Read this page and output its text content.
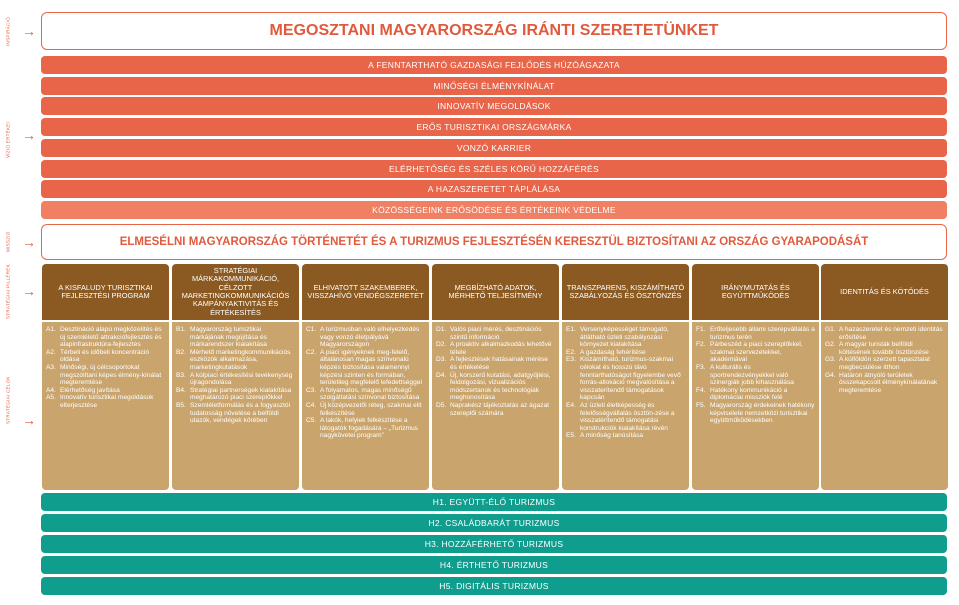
INSPIRÁCIÓ
VÍZIÓ ÉRTÉKEI
MISSZIÓ
STRATÉGIAI PILLÉREK
STRATÉGIAI CÉLOK
→
→
→
→
→
MEGOSZTANI MAGYARORSZÁG IRÁNTI SZERETETÜNKET
A FENNTARTHATÓ GAZDASÁGI FEJLŐDÉS HÚZÓÁGAZATA
MINŐSÉGI ÉLMÉNYKÍNÁLAT
INNOVATÍV MEGOLDÁSOK
ERŐS TURISZTIKAI ORSZÁGMÁRKA
VONZÓ KARRIER
ELÉRHETŐSÉG ÉS SZÉLES KÖRŰ HOZZÁFÉRÉS
A HAZASZERETET TÁPLÁLÁSA
KÖZÖSSÉGEINK ERŐSÖDÉSE ÉS ÉRTÉKEINK VÉDELME
ELMESÉLNI MAGYARORSZÁG TÖRTÉNETÉT ÉS A TURIZMUS FEJLESZTÉSÉN KERESZTÜL BIZTOSÍTANI AZ ORSZÁG GYARAPODÁSÁT
A KISFALUDY TURISZTIKAI FEJLESZTÉSI PROGRAM
A1. Desztináció alapú megközelítés és új szemléletű attrakciófejlesztés és alapinfrastruktúra-fejlesztés
A2. Térbeli és időbeli koncentráció oldása
A3. Minőségi, új célcsoportokat megszólítani képes élmény-kínálat megteremtése
A4. Elérhetőség javítása
A5. Innovatív turisztikai megoldások elterjesztése
STRATÉGIAI MÁRKAKOMMUNIKÁCIÓ, CÉLZOTT MARKETINGKOMMUNIKÁCIÓS KAMPÁNYAKTIVITÁS ÉS ÉRTÉKESÍTÉS
B1. Magyarország turisztikai márkájának megújítása és márkarendszer kialakítása
B2. Mérhető marketingkommunikációs eszközök alkalmazása, marketingkutatások
B3. A külpiaci értékesítési tevékenység újragondolása
B4. Stratégiai partnerségek kialakítása meghatározó piaci szereplőkkel
B5. Szemléletformálás és a fogyasztói tudatosság növelése a belföldi utazók, vendégek körében
ELHIVATOTT SZAKEMBEREK, VISSZAHÍVÓ VENDÉGSZERETET
C1. A turizmusban való elhelyezkedés vagy vonzó életpályává Magyarországon
C2. A piaci igényeknek meg-felelő, általánosan magas színvonalú képzés biztosítása valamennyi képzési szinten és formában, területileg megfelelő lefedettséggel
C3. A folyamatos, magas minőségű szolgáltatási színvonal biztosítása
C4. Új középvezetői réteg, szakmai elit felkészítése
C5. A lakók, helyiek felkészítése a látogatók fogadására – „Turizmus nagykövetei program”
MEGBÍZHATÓ ADATOK, MÉRHETŐ TELJESÍTMÉNY
D1. Valós piaci mérés, desztinációs szintű információ
D2. A proaktív alkalmazkodás lehetővé tétele
D3. A fejlesztések hatásainak mérése és értékelése
D4. Új, korszerű kutatási, adatgyűjtési, feldolgozási, vizualizációs módszertanok és technológiák meghonosítása
D5. Naprakész tájékoztatás az ágazat szereplői számára
TRANSZPARENS, KISZÁMÍTHATÓ SZABÁLYOZÁS ÉS ÖSZTÖNZÉS
E1. Versenyképességet támogató, átlátható üzleti szabályozási környezet kialakítása
E2. A gazdaság fehérítése
E3. Kiszámítható, turizmus-szakmai célokat és hosszú távú fenntarthatóságot figyelembe vevő forrás-allokáció megvalósítása a visszaterítendő támogatások kapcsán
E4. Az üzleti életképesség és felelősségvállalás ösztön-zése a visszatérítendő támogatási konstrukciók kialakítása révén
E5. A minőség tanúsítása
IRÁNYMUTATÁS ÉS EGYÜTTMŰKÖDÉS
F1. Erőteljesebb állami szerepvállalás a turizmus terén
F2. Párbeszéd a piaci szereplőkkel, szakmai szervezetekkel, akadémiával
F3. A kulturális és sportrendezvényekkel való szinergiák jobb kihasználása
F4. Hatékony kommunikáció a diplomáciai missziók felé
F5. Magyarország érdekeinek hatékony képviselete nemzetközi turisztikai együttműködésekben
IDENTITÁS ÉS KÖTŐDÉS
G1. A hazaszeretet és nemzeti identitás erősítése
G2. A magyar turisták belföldi költésének további ösztönzése
G3. A külföldön szerzett tapasztalat megbecsülése itthon
G4. Határon átnyúló területek összekapcsolt élménykínálatának megteremtése
H1. EGYÜTT-ÉLŐ TURIZMUS
H2. CSALÁDBARÁT TURIZMUS
H3. HOZZÁFÉRHETŐ TURIZMUS
H4. ÉRTHETŐ TURIZMUS
H5. DIGITÁLIS TURIZMUS
